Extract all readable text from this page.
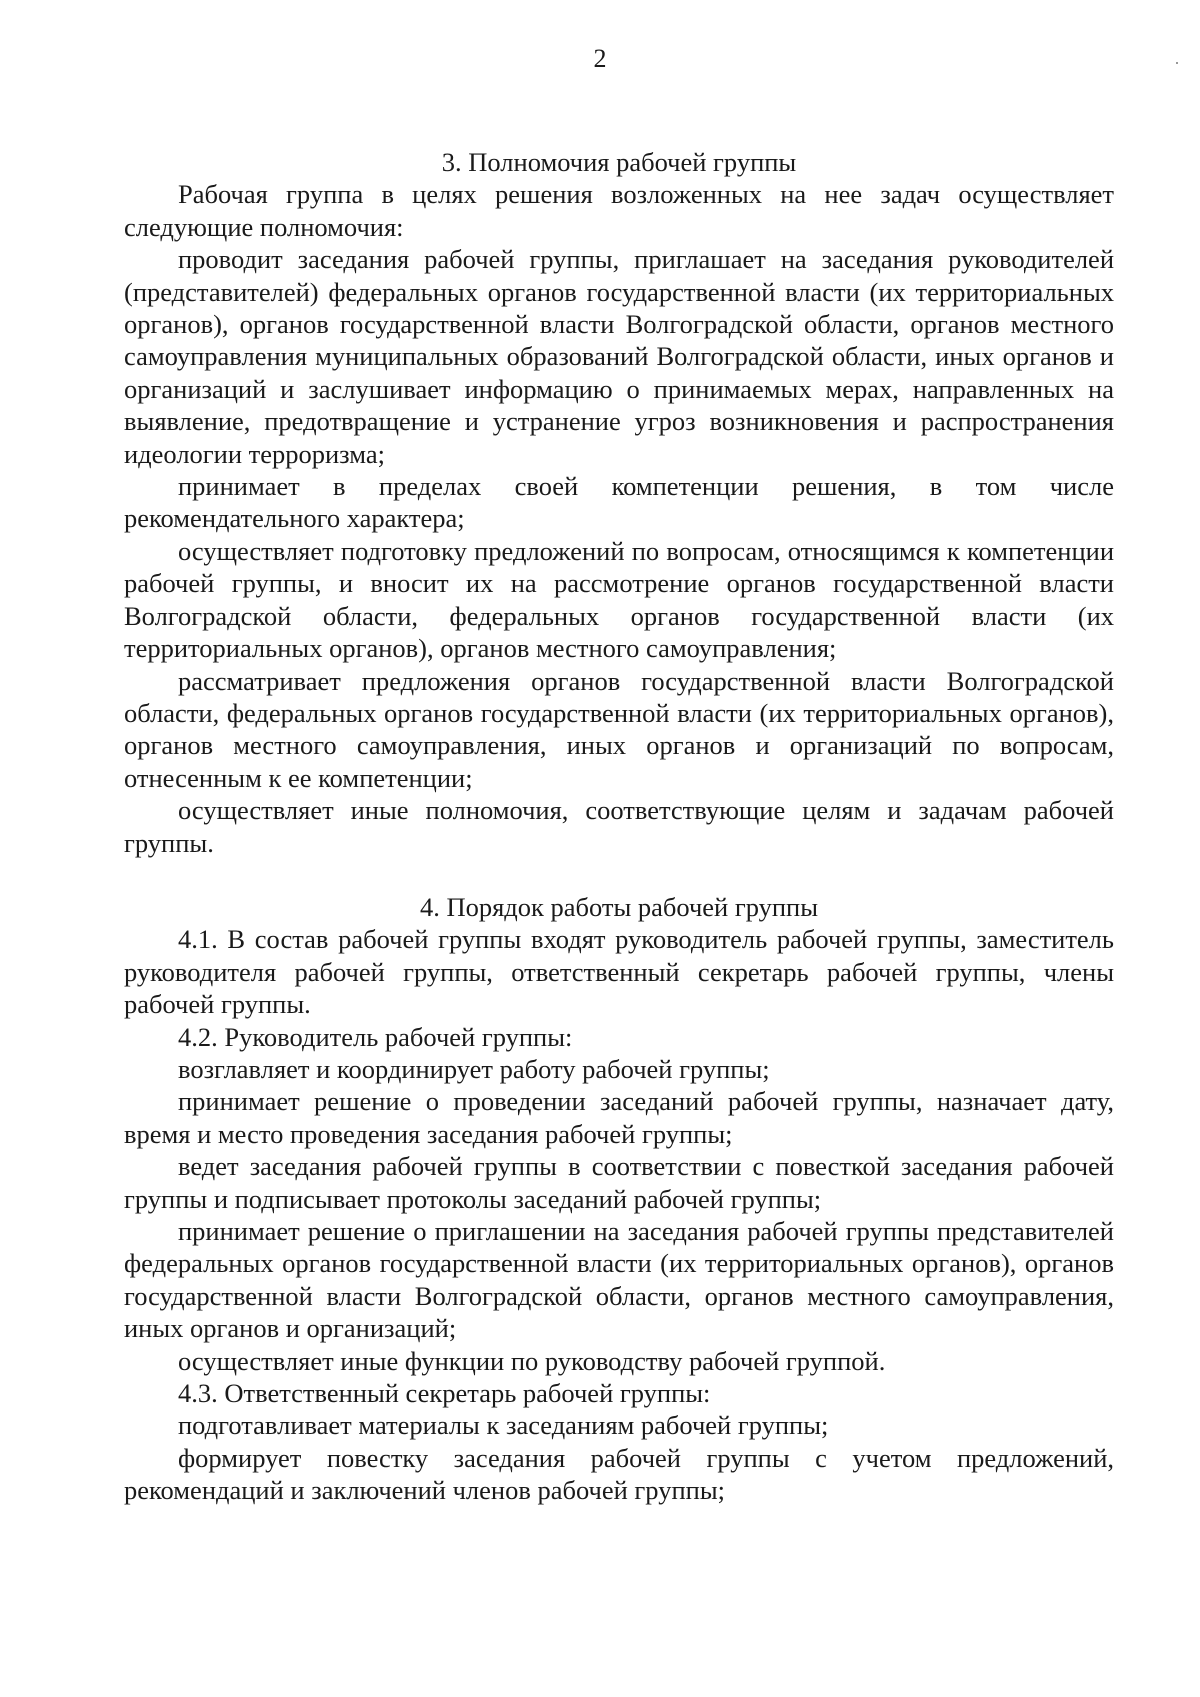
2

3. Полномочия рабочей группы

Рабочая группа в целях решения возложенных на нее задач осуществляет следующие полномочия:

проводит заседания рабочей группы, приглашает на заседания руководителей (представителей) федеральных органов государственной власти (их территориальных органов), органов государственной власти Волгоградской области, органов местного самоуправления муниципальных образований Волгоградской области, иных органов и организаций и заслушивает информацию о принимаемых мерах, направленных на выявление, предотвращение и устранение угроз возникновения и распространения идеологии терроризма;

принимает в пределах своей компетенции решения, в том числе рекомендательного характера;

осуществляет подготовку предложений по вопросам, относящимся к компетенции рабочей группы, и вносит их на рассмотрение органов государственной власти Волгоградской области, федеральных органов государственной власти (их территориальных органов), органов местного самоуправления;

рассматривает предложения органов государственной власти Волгоградской области, федеральных органов государственной власти (их территориальных органов), органов местного самоуправления, иных органов и организаций по вопросам, отнесенным к ее компетенции;

осуществляет иные полномочия, соответствующие целям и задачам рабочей группы.

4. Порядок работы рабочей группы

4.1. В состав рабочей группы входят руководитель рабочей группы, заместитель руководителя рабочей группы, ответственный секретарь рабочей группы, члены рабочей группы.

4.2. Руководитель рабочей группы:

возглавляет и координирует работу рабочей группы;

принимает решение о проведении заседаний рабочей группы, назначает дату, время и место проведения заседания рабочей группы;

ведет заседания рабочей группы в соответствии с повесткой заседания рабочей группы и подписывает протоколы заседаний рабочей группы;

принимает решение о приглашении на заседания рабочей группы представителей федеральных органов государственной власти (их территориальных органов), органов государственной власти Волгоградской области, органов местного самоуправления, иных органов и организаций;

осуществляет иные функции по руководству рабочей группой.

4.3. Ответственный секретарь рабочей группы:

подготавливает материалы к заседаниям рабочей группы;

формирует повестку заседания рабочей группы с учетом предложений, рекомендаций и заключений членов рабочей группы;
